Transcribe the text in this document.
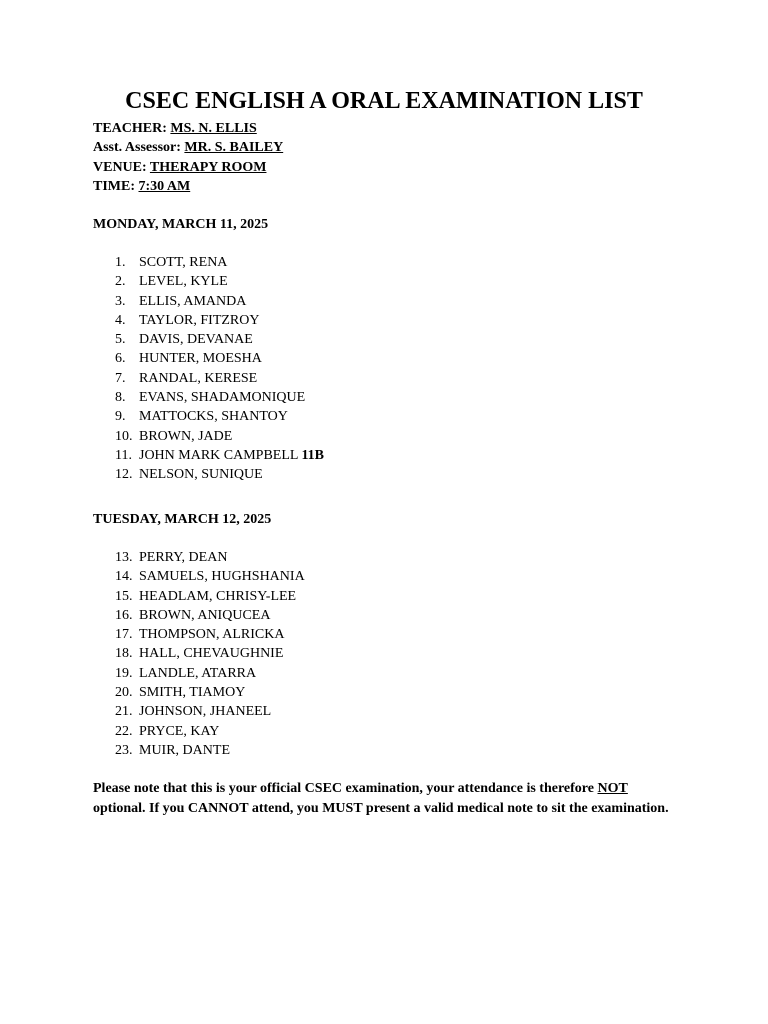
CSEC ENGLISH A ORAL EXAMINATION LIST
TEACHER: MS. N. ELLIS
Asst. Assessor: MR. S. BAILEY
VENUE: THERAPY ROOM
TIME: 7:30 AM
MONDAY, MARCH 11, 2025
1. SCOTT, RENA
2. LEVEL, KYLE
3. ELLIS, AMANDA
4. TAYLOR, FITZROY
5. DAVIS, DEVANAE
6. HUNTER, MOESHA
7. RANDAL, KERESE
8. EVANS, SHADAMONIQUE
9. MATTOCKS, SHANTOY
10. BROWN, JADE
11. JOHN MARK CAMPBELL 11B
12. NELSON, SUNIQUE
TUESDAY, MARCH 12, 2025
13. PERRY, DEAN
14. SAMUELS, HUGHSHANIA
15. HEADLAM, CHRISY-LEE
16. BROWN, ANIQUCEA
17. THOMPSON, ALRICKA
18. HALL, CHEVAUGHNIE
19. LANDLE, ATARRA
20. SMITH, TIAMOY
21. JOHNSON, JHANEEL
22. PRYCE, KAY
23. MUIR, DANTE
Please note that this is your official CSEC examination, your attendance is therefore NOT optional. If you CANNOT attend, you MUST present a valid medical note to sit the examination.
